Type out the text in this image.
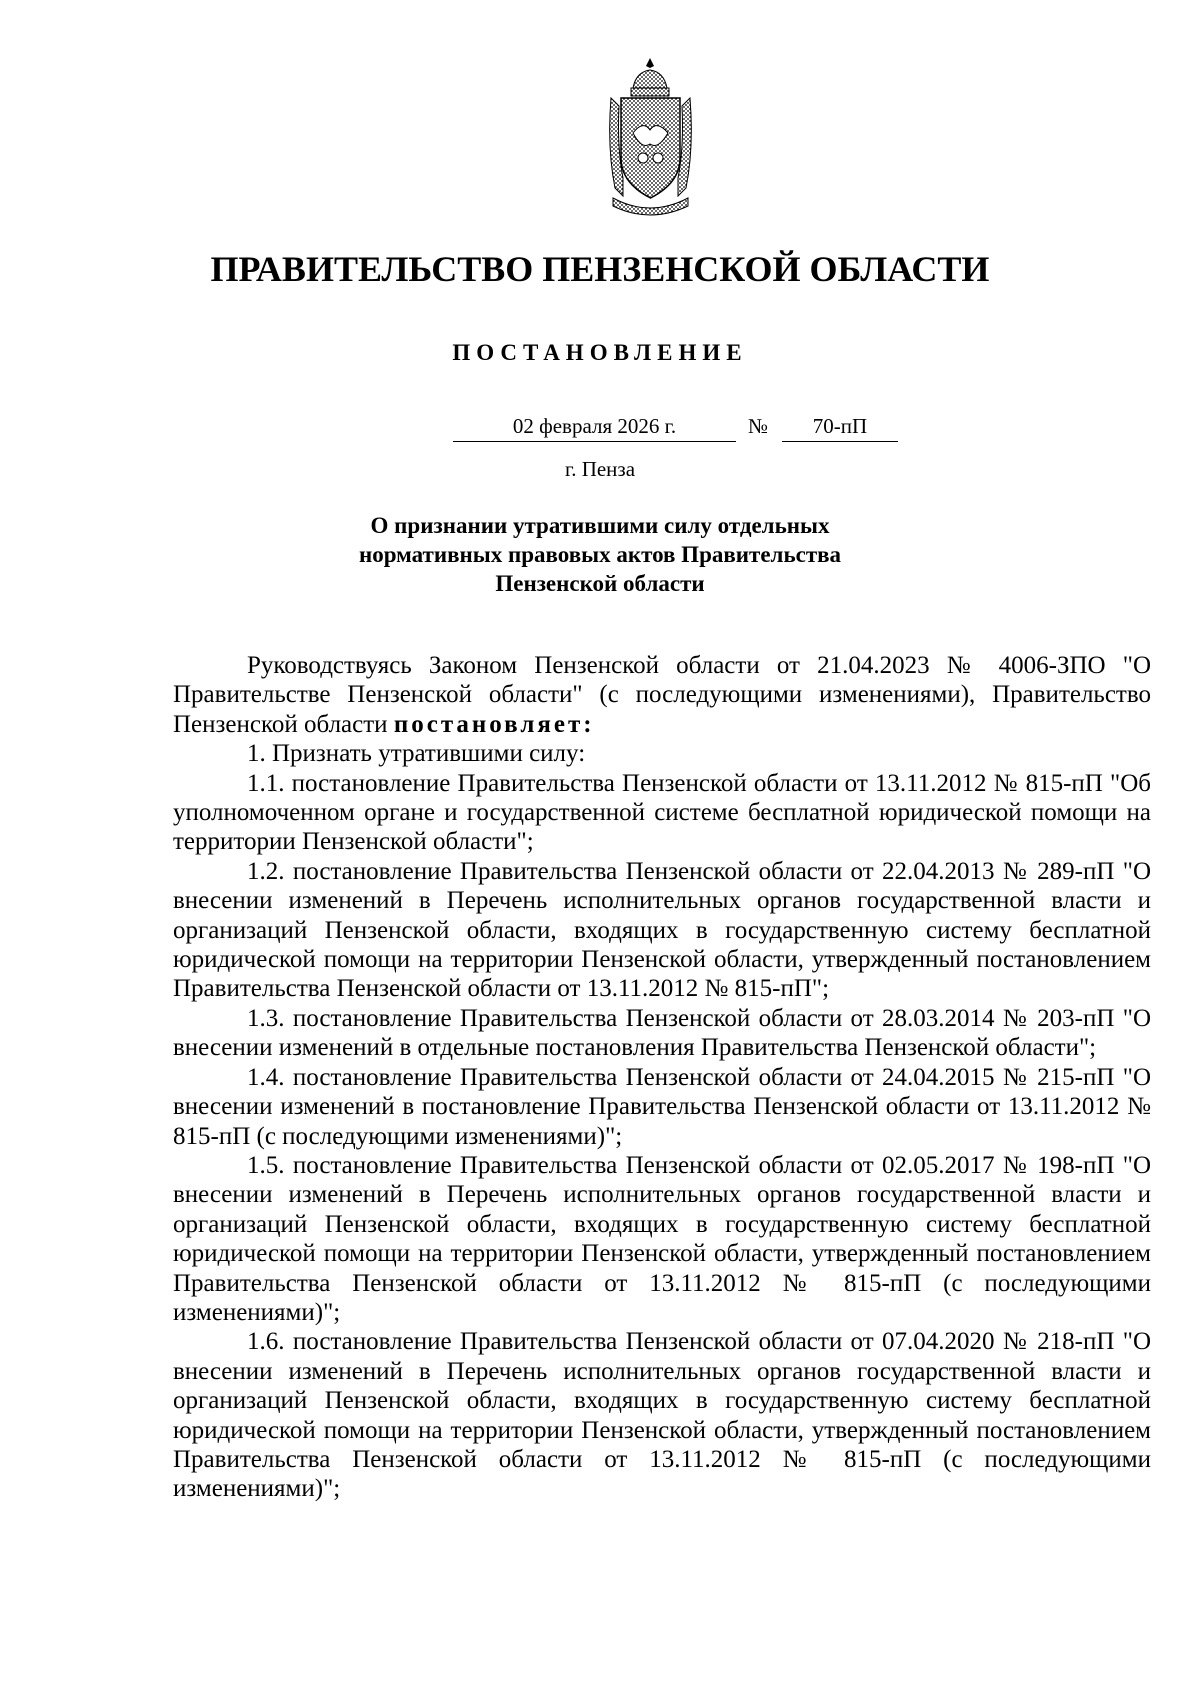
ПРАВИТЕЛЬСТВО ПЕНЗЕНСКОЙ ОБЛАСТИ
ПОСТАНОВЛЕНИЕ
02 февраля 2026 г.	№	70-пП
г. Пенза
О признании утратившими силу отдельных
нормативных правовых актов Правительства
Пензенской области

Руководствуясь Законом Пензенской области от 21.04.2023 № 4006-ЗПО "О Правительстве Пензенской области" (с последующими изменениями), Правительство Пензенской области постановляет:

1. Признать утратившими силу:

1.1. постановление Правительства Пензенской области от 13.11.2012 № 815-пП "Об уполномоченном органе и государственной системе бесплатной юридической помощи на территории Пензенской области";

1.2. постановление Правительства Пензенской области от 22.04.2013 № 289-пП "О внесении изменений в Перечень исполнительных органов государственной власти и организаций Пензенской области, входящих в государственную систему бесплатной юридической помощи на территории Пензенской области, утвержденный постановлением Правительства Пензенской области от 13.11.2012 № 815-пП";

1.3. постановление Правительства Пензенской области от 28.03.2014 № 203-пП "О внесении изменений в отдельные постановления Правительства Пензенской области";

1.4. постановление Правительства Пензенской области от 24.04.2015 № 215-пП "О внесении изменений в постановление Правительства Пензенской области от 13.11.2012 № 815-пП (с последующими изменениями)";

1.5. постановление Правительства Пензенской области от 02.05.2017 № 198-пП "О внесении изменений в Перечень исполнительных органов государственной власти и организаций Пензенской области, входящих в государственную систему бесплатной юридической помощи на территории Пензенской области, утвержденный постановлением Правительства Пензенской области от 13.11.2012 № 815-пП (с последующими изменениями)";

1.6. постановление Правительства Пензенской области от 07.04.2020 № 218-пП "О внесении изменений в Перечень исполнительных органов государственной власти и организаций Пензенской области, входящих в государственную систему бесплатной юридической помощи на территории Пензенской области, утвержденный постановлением Правительства Пензенской области от 13.11.2012 № 815-пП (с последующими изменениями)";
